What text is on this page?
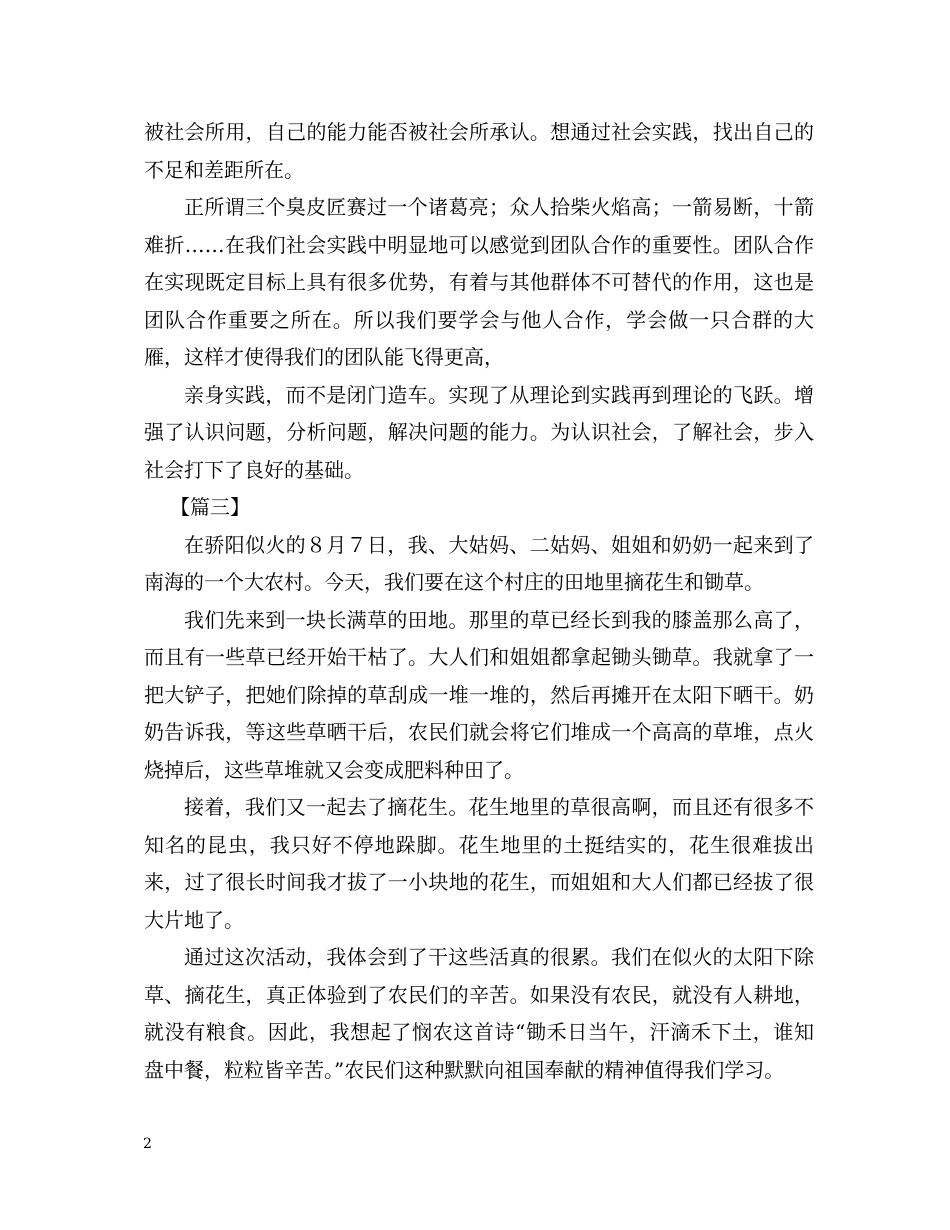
被社会所用，自己的能力能否被社会所承认。想通过社会实践，找出自己的不足和差距所在。

正所谓三个臭皮匠赛过一个诸葛亮；众人拾柴火焰高；一箭易断，十箭难折……在我们社会实践中明显地可以感觉到团队合作的重要性。团队合作在实现既定目标上具有很多优势，有着与其他群体不可替代的作用，这也是团队合作重要之所在。所以我们要学会与他人合作，学会做一只合群的大雁，这样才使得我们的团队能飞得更高，

亲身实践，而不是闭门造车。实现了从理论到实践再到理论的飞跃。增强了认识问题，分析问题，解决问题的能力。为认识社会，了解社会，步入社会打下了良好的基础。

【篇三】

在骄阳似火的８月７日，我、大姑妈、二姑妈、姐姐和奶奶一起来到了南海的一个大农村。今天，我们要在这个村庄的田地里摘花生和锄草。

我们先来到一块长满草的田地。那里的草已经长到我的膝盖那么高了，而且有一些草已经开始干枯了。大人们和姐姐都拿起锄头锄草。我就拿了一把大铲子，把她们除掉的草刮成一堆一堆的，然后再摊开在太阳下晒干。奶奶告诉我，等这些草晒干后，农民们就会将它们堆成一个高高的草堆，点火烧掉后，这些草堆就又会变成肥料种田了。

接着，我们又一起去了摘花生。花生地里的草很高啊，而且还有很多不知名的昆虫，我只好不停地跺脚。花生地里的土挺结实的，花生很难拔出来，过了很长时间我才拔了一小块地的花生，而姐姐和大人们都已经拔了很大片地了。

通过这次活动，我体会到了干这些活真的很累。我们在似火的太阳下除草、摘花生，真正体验到了农民们的辛苦。如果没有农民，就没有人耕地，就没有粮食。因此，我想起了悯农这首诗“锄禾日当午，汗滴禾下土，谁知盘中餐，粒粒皆辛苦。”农民们这种默默向祖国奉献的精神值得我们学习。

2
